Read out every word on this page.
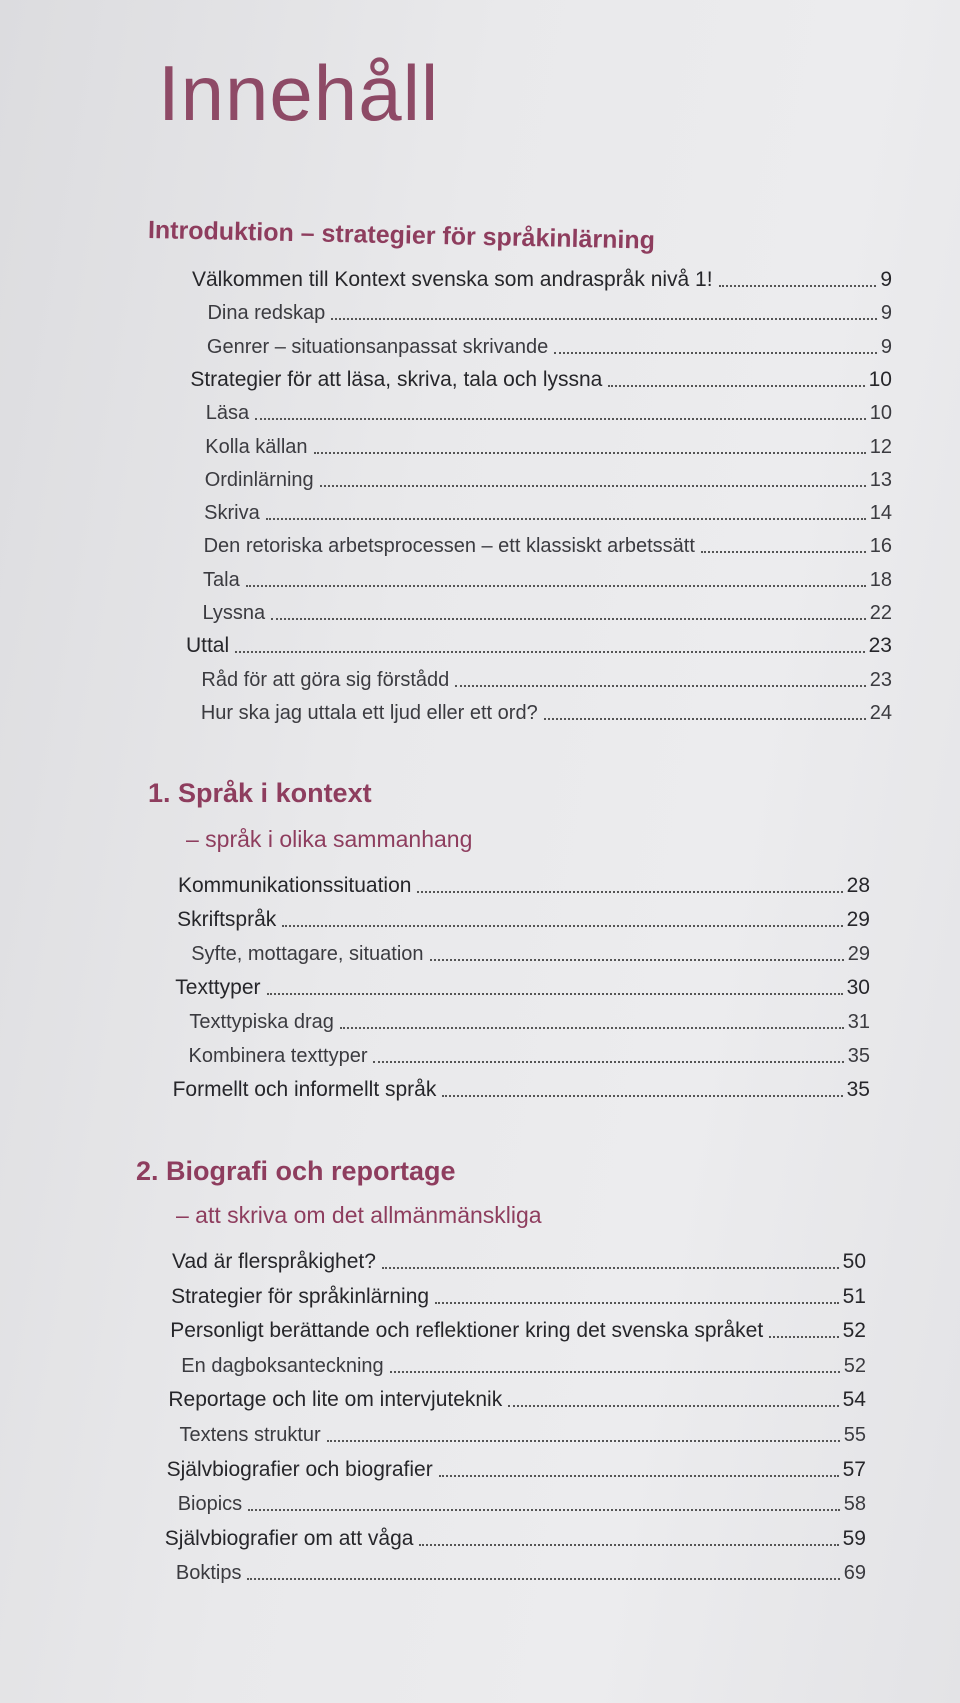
Innehåll
Introduktion – strategier för språkinlärning
1. Språk i kontext

– språk i olika sammanhang

2. Biografi och reportage

– att skriva om det allmänmänskliga

Välkommen till Kontext svenska som andraspråk nivå 1!	9
Dina redskap	9
Genrer – situationsanpassat skrivande	9
Strategier för att läsa, skriva, tala och lyssna	10
Läsa	10
Kolla källan	12
Ordinlärning	13
Skriva	14
Den retoriska arbetsprocessen – ett klassiskt arbetssätt	16
Tala	18
Lyssna	22
Uttal	23
Råd för att göra sig förstådd	23
Hur ska jag uttala ett ljud eller ett ord?	24
Kommunikationssituation	28
Skriftspråk	29
Syfte, mottagare, situation	29
Texttyper	30
Texttypiska drag	31
Kombinera texttyper	35
Formellt och informellt språk	35
Vad är flerspråkighet?	50
Strategier för språkinlärning	51
Personligt berättande och reflektioner kring det svenska språket	52
En dagboksanteckning	52
Reportage och lite om intervjuteknik	54
Textens struktur	55
Självbiografier och biografier	57
Biopics	58
Självbiografier om att våga	59
Boktips	69
